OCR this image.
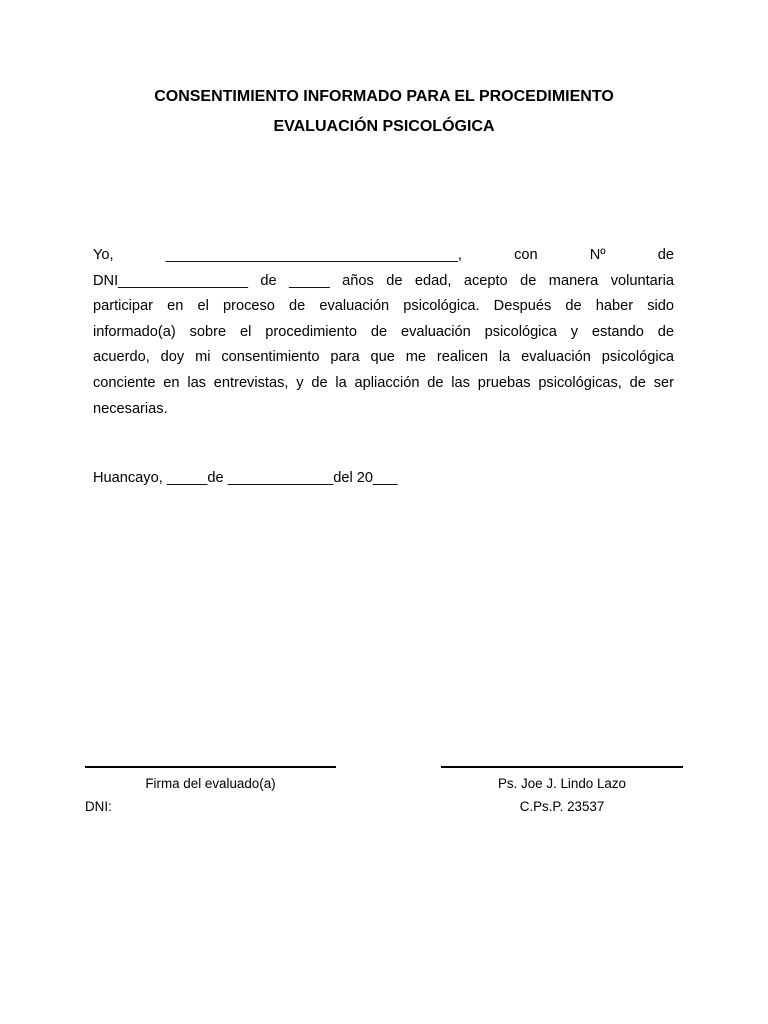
CONSENTIMIENTO INFORMADO PARA EL PROCEDIMIENTO
EVALUACIÓN PSICOLÓGICA

Yo, ____________________________________, con Nº de

DNI________________ de _____ años de edad, acepto de manera voluntaria

participar en el proceso de evaluación psicológica. Después de haber sido

informado(a) sobre el procedimiento de evaluación psicológica y estando de

acuerdo, doy mi consentimiento para que me realicen la evaluación psicológica

conciente en las entrevistas, y de la apliacción de las pruebas psicológicas, de ser

necesarias.

Huancayo, _____de _____________del 20___

Firma del evaluado(a)

DNI:

Ps. Joe J. Lindo Lazo

C.Ps.P. 23537
